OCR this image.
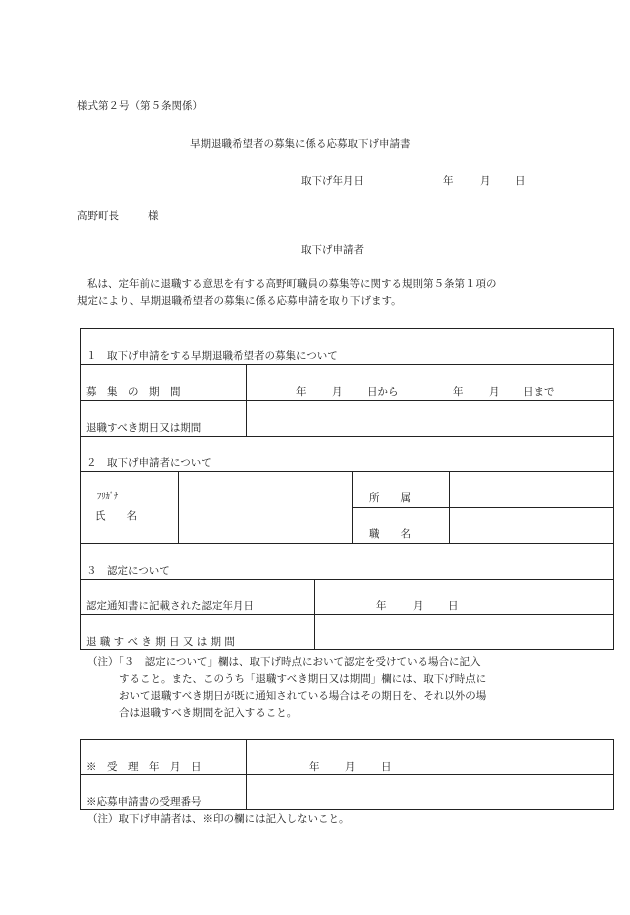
様式第２号（第５条関係）
早期退職希望者の募集に係る応募取下げ申請書
取下げ年月日	年	月 日
高野町長	様
取下げ申請者
私は、定年前に退職する意思を有する高野町職員の募集等に関する規則第５条第１項の
規定により、早期退職希望者の募集に係る応募申請を取り下げます。
１　取下げ申請をする早期退職希望者の募集について
募　集　の　期　間	年 月 日から	年 月 日まで
退職すべき期日又は期間
２　取下げ申請者について
ﾌﾘｶﾞﾅ
氏　　名
所　　属
職　　名
３　認定について
認定通知書に記載された認定年月日	年	月 日
退 職 す べ き 期 日 又 は 期 間
（注）「３　認定について」欄は、取下げ時点において認定を受けている場合に記入
すること。また、このうち「退職すべき期日又は期間」欄には、取下げ時点に
おいて退職すべき期日が既に通知されている場合はその期日を、それ以外の場
合は退職すべき期間を記入すること。
※　受　理　年　月　日	年 月 日
※応募申請書の受理番号
（注）取下げ申請者は、※印の欄には記入しないこと。
